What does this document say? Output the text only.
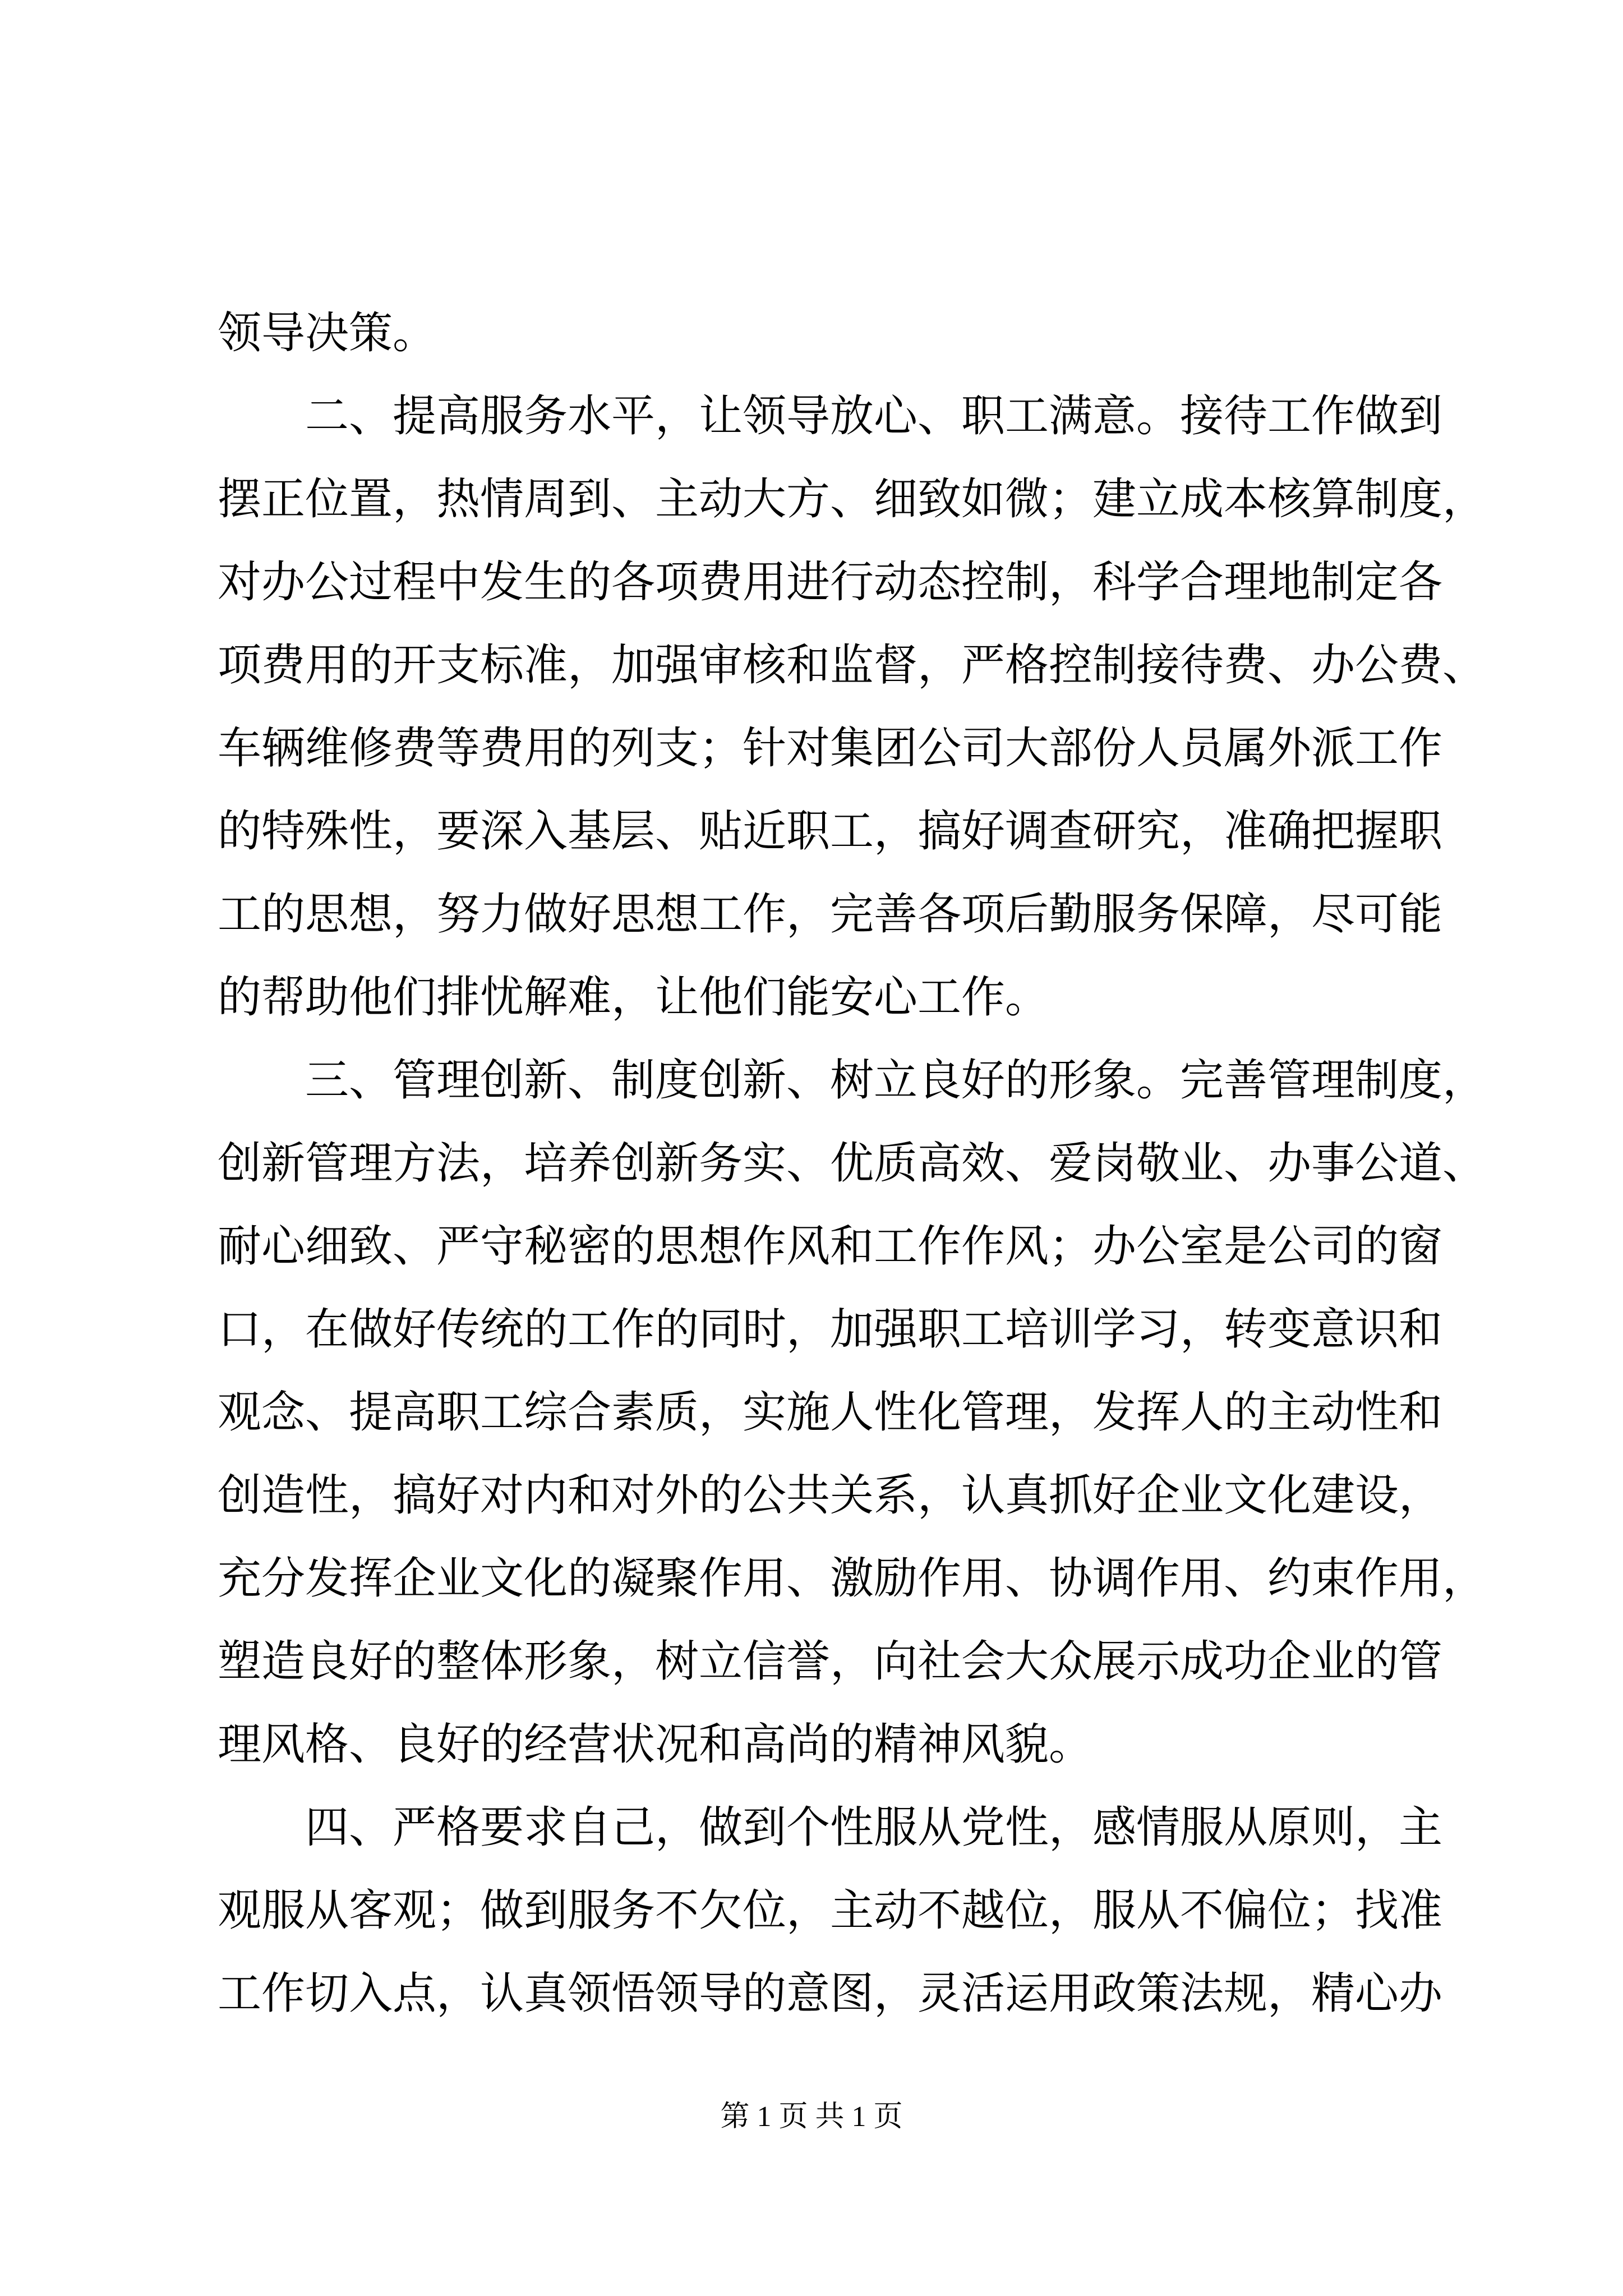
领导决策。
二、提高服务水平，让领导放心、职工满意。接待工作做到
摆正位置，热情周到、主动大方、细致如微；建立成本核算制度，
对办公过程中发生的各项费用进行动态控制，科学合理地制定各
项费用的开支标准，加强审核和监督，严格控制接待费、办公费、
车辆维修费等费用的列支；针对集团公司大部份人员属外派工作
的特殊性，要深入基层、贴近职工，搞好调查研究，准确把握职
工的思想，努力做好思想工作，完善各项后勤服务保障，尽可能
的帮助他们排忧解难，让他们能安心工作。
三、管理创新、制度创新、树立良好的形象。完善管理制度，
创新管理方法，培养创新务实、优质高效、爱岗敬业、办事公道、
耐心细致、严守秘密的思想作风和工作作风；办公室是公司的窗
口，在做好传统的工作的同时，加强职工培训学习，转变意识和
观念、提高职工综合素质，实施人性化管理，发挥人的主动性和
创造性，搞好对内和对外的公共关系，认真抓好企业文化建设，
充分发挥企业文化的凝聚作用、激励作用、协调作用、约束作用，
塑造良好的整体形象，树立信誉，向社会大众展示成功企业的管
理风格、良好的经营状况和高尚的精神风貌。
四、严格要求自己，做到个性服从党性，感情服从原则，主
观服从客观；做到服务不欠位，主动不越位，服从不偏位；找准
工作切入点，认真领悟领导的意图，灵活运用政策法规，精心办
第 1 页 共 1 页
